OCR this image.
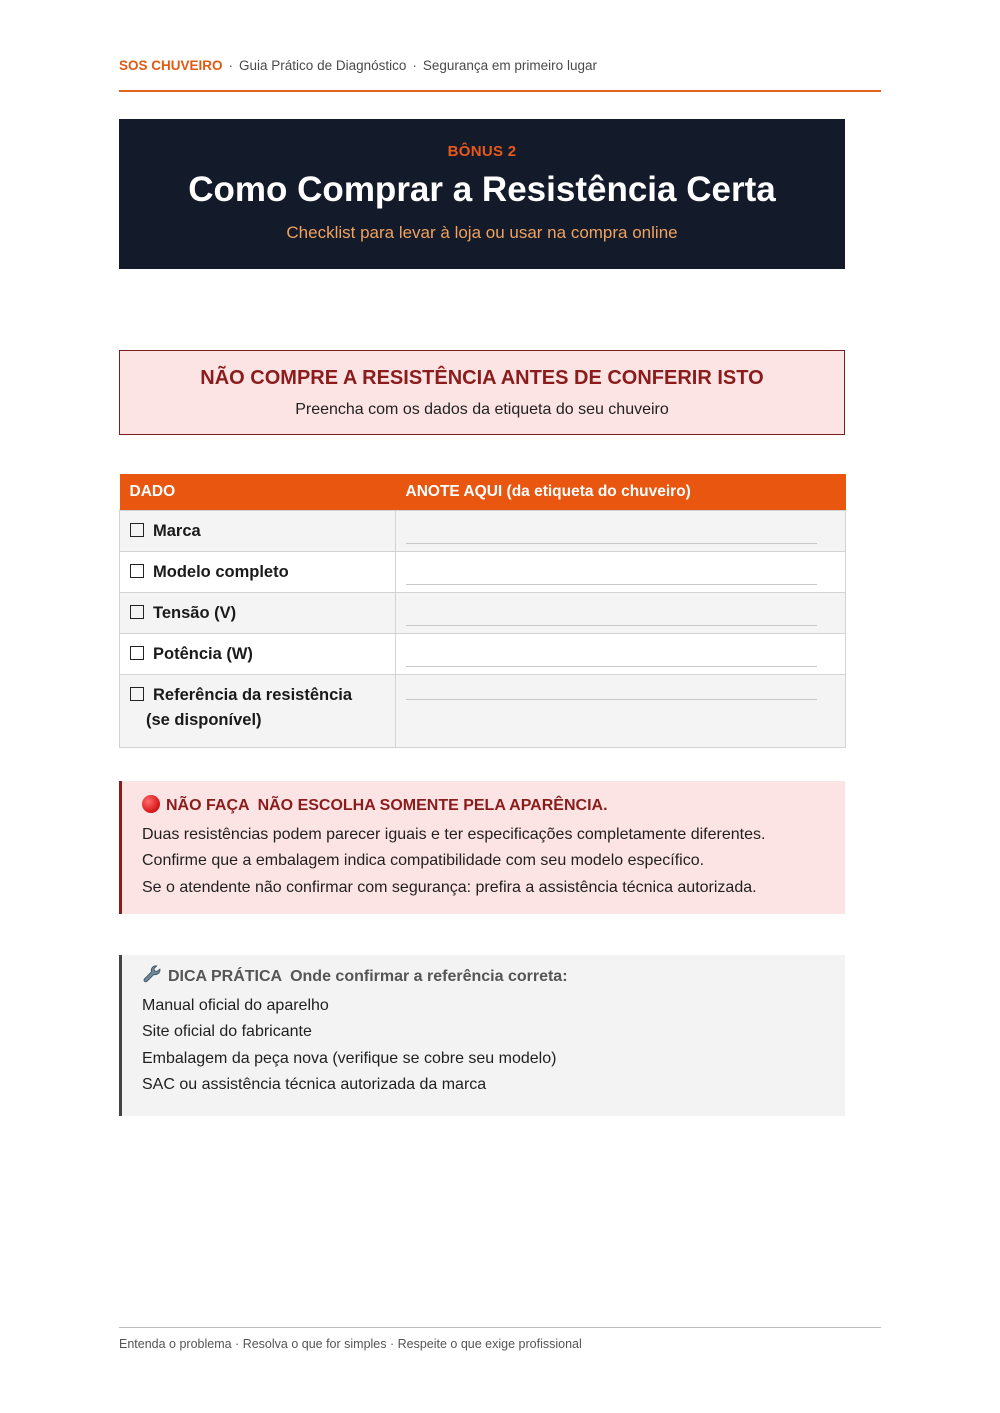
SOS CHUVEIRO · Guia Prático de Diagnóstico · Segurança em primeiro lugar
BÔNUS 2
Como Comprar a Resistência Certa
Checklist para levar à loja ou usar na compra online
NÃO COMPRE A RESISTÊNCIA ANTES DE CONFERIR ISTO
Preencha com os dados da etiqueta do seu chuveiro
DADO	ANOTE AQUI (da etiqueta do chuveiro)
Marca	

Modelo completo	

Tensão (V)	

Potência (W)	

Referência da resistência
(se disponível)	
NÃO FAÇA NÃO ESCOLHA SOMENTE PELA APARÊNCIA.
Duas resistências podem parecer iguais e ter especificações completamente diferentes.
Confirme que a embalagem indica compatibilidade com seu modelo específico.
Se o atendente não confirmar com segurança: prefira a assistência técnica autorizada.
DICA PRÁTICA Onde confirmar a referência correta:
Manual oficial do aparelho
Site oficial do fabricante
Embalagem da peça nova (verifique se cobre seu modelo)
SAC ou assistência técnica autorizada da marca
Entenda o problema · Resolva o que for simples · Respeite o que exige profissional
